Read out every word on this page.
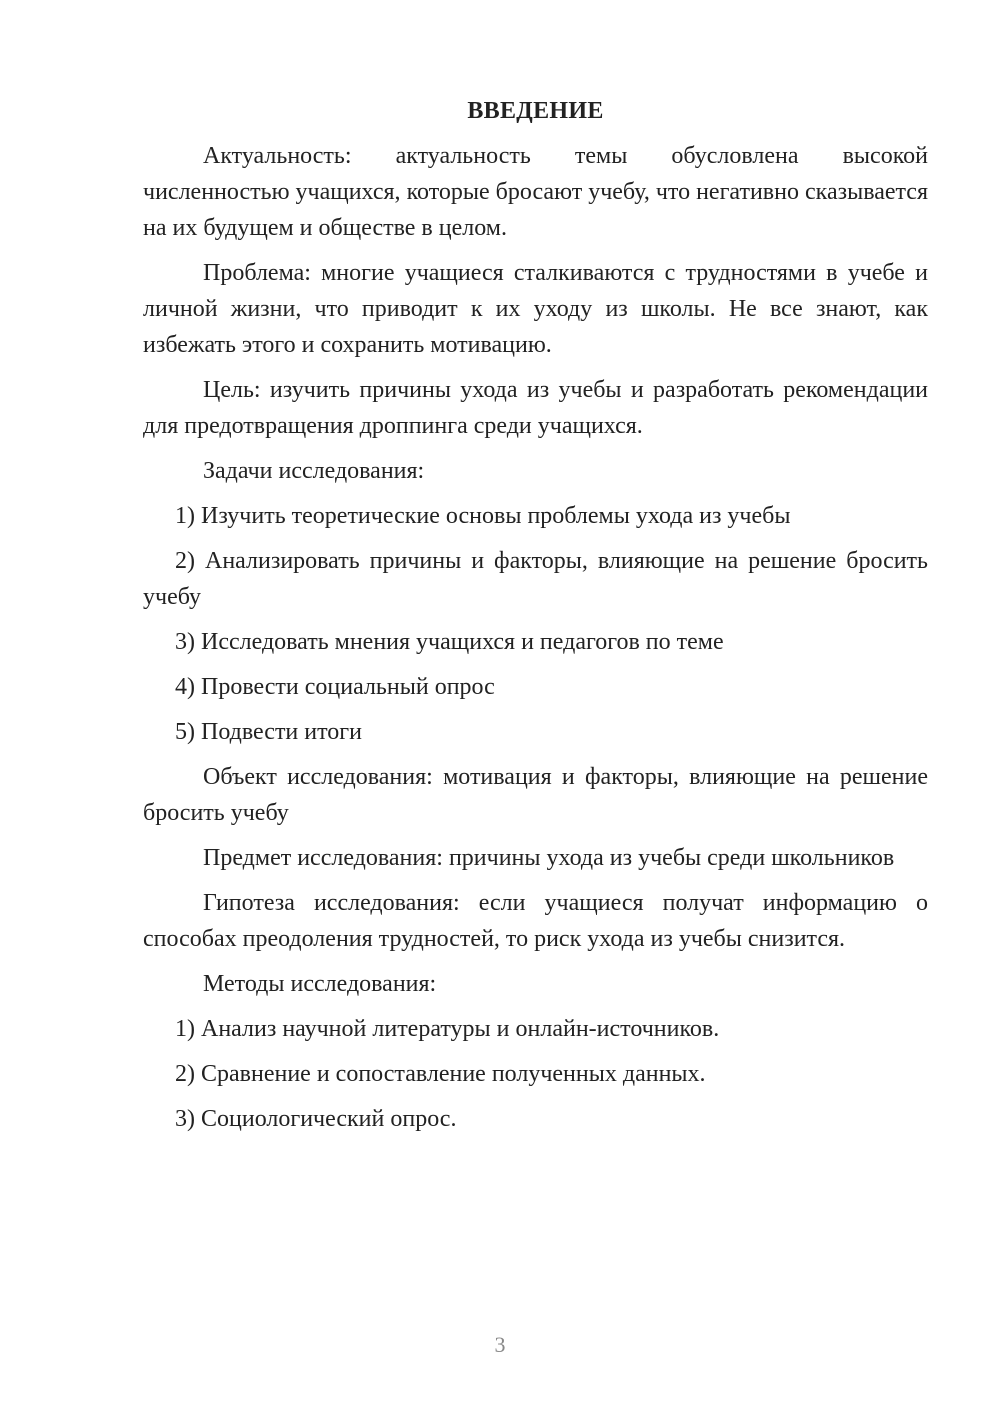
ВВЕДЕНИЕ

Актуальность: актуальность темы обусловлена высокой численностью учащихся, которые бросают учебу, что негативно сказывается на их будущем и обществе в целом.

Проблема: многие учащиеся сталкиваются с трудностями в учебе и личной жизни, что приводит к их уходу из школы. Не все знают, как избежать этого и сохранить мотивацию.

Цель: изучить причины ухода из учебы и разработать рекомендации для предотвращения дроппинга среди учащихся.

Задачи исследования:

1) Изучить теоретические основы проблемы ухода из учебы

2) Анализировать причины и факторы, влияющие на решение бросить учебу

3) Исследовать мнения учащихся и педагогов по теме

4) Провести социальный опрос

5) Подвести итоги

Объект исследования: мотивация и факторы, влияющие на решение бросить учебу

Предмет исследования: причины ухода из учебы среди школьников

Гипотеза исследования: если учащиеся получат информацию о способах преодоления трудностей, то риск ухода из учебы снизится.

Методы исследования:

1) Анализ научной литературы и онлайн-источников.

2) Сравнение и сопоставление полученных данных.

3) Социологический опрос.

3
